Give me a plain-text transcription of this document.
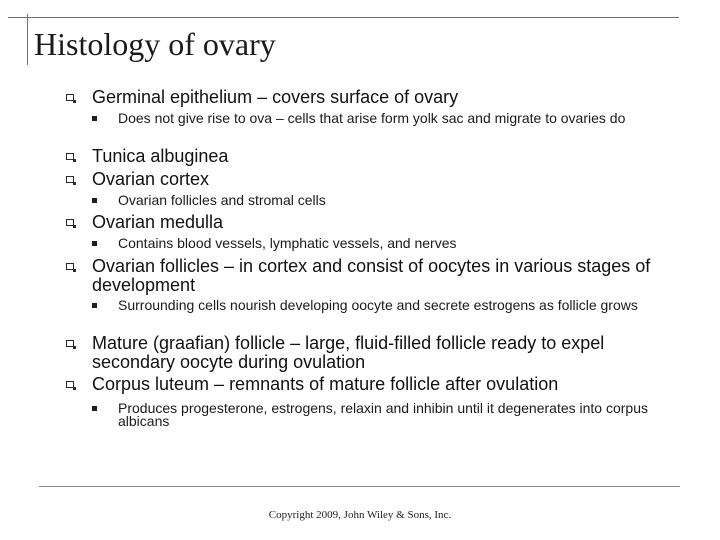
Histology of ovary
Germinal epithelium – covers surface of ovary
Does not give rise to ova – cells that arise form yolk sac and migrate to ovaries do
Tunica albuginea
Ovarian cortex
Ovarian follicles and stromal cells
Ovarian medulla
Contains blood vessels, lymphatic vessels, and nerves
Ovarian follicles – in cortex and consist of oocytes in various stages of development
Surrounding cells nourish developing oocyte and secrete estrogens as follicle grows
Mature (graafian) follicle – large, fluid-filled follicle ready to expel secondary oocyte during ovulation
Corpus luteum – remnants of mature follicle after ovulation
Produces progesterone, estrogens, relaxin and inhibin until it degenerates into corpus albicans
Copyright 2009, John Wiley & Sons, Inc.
